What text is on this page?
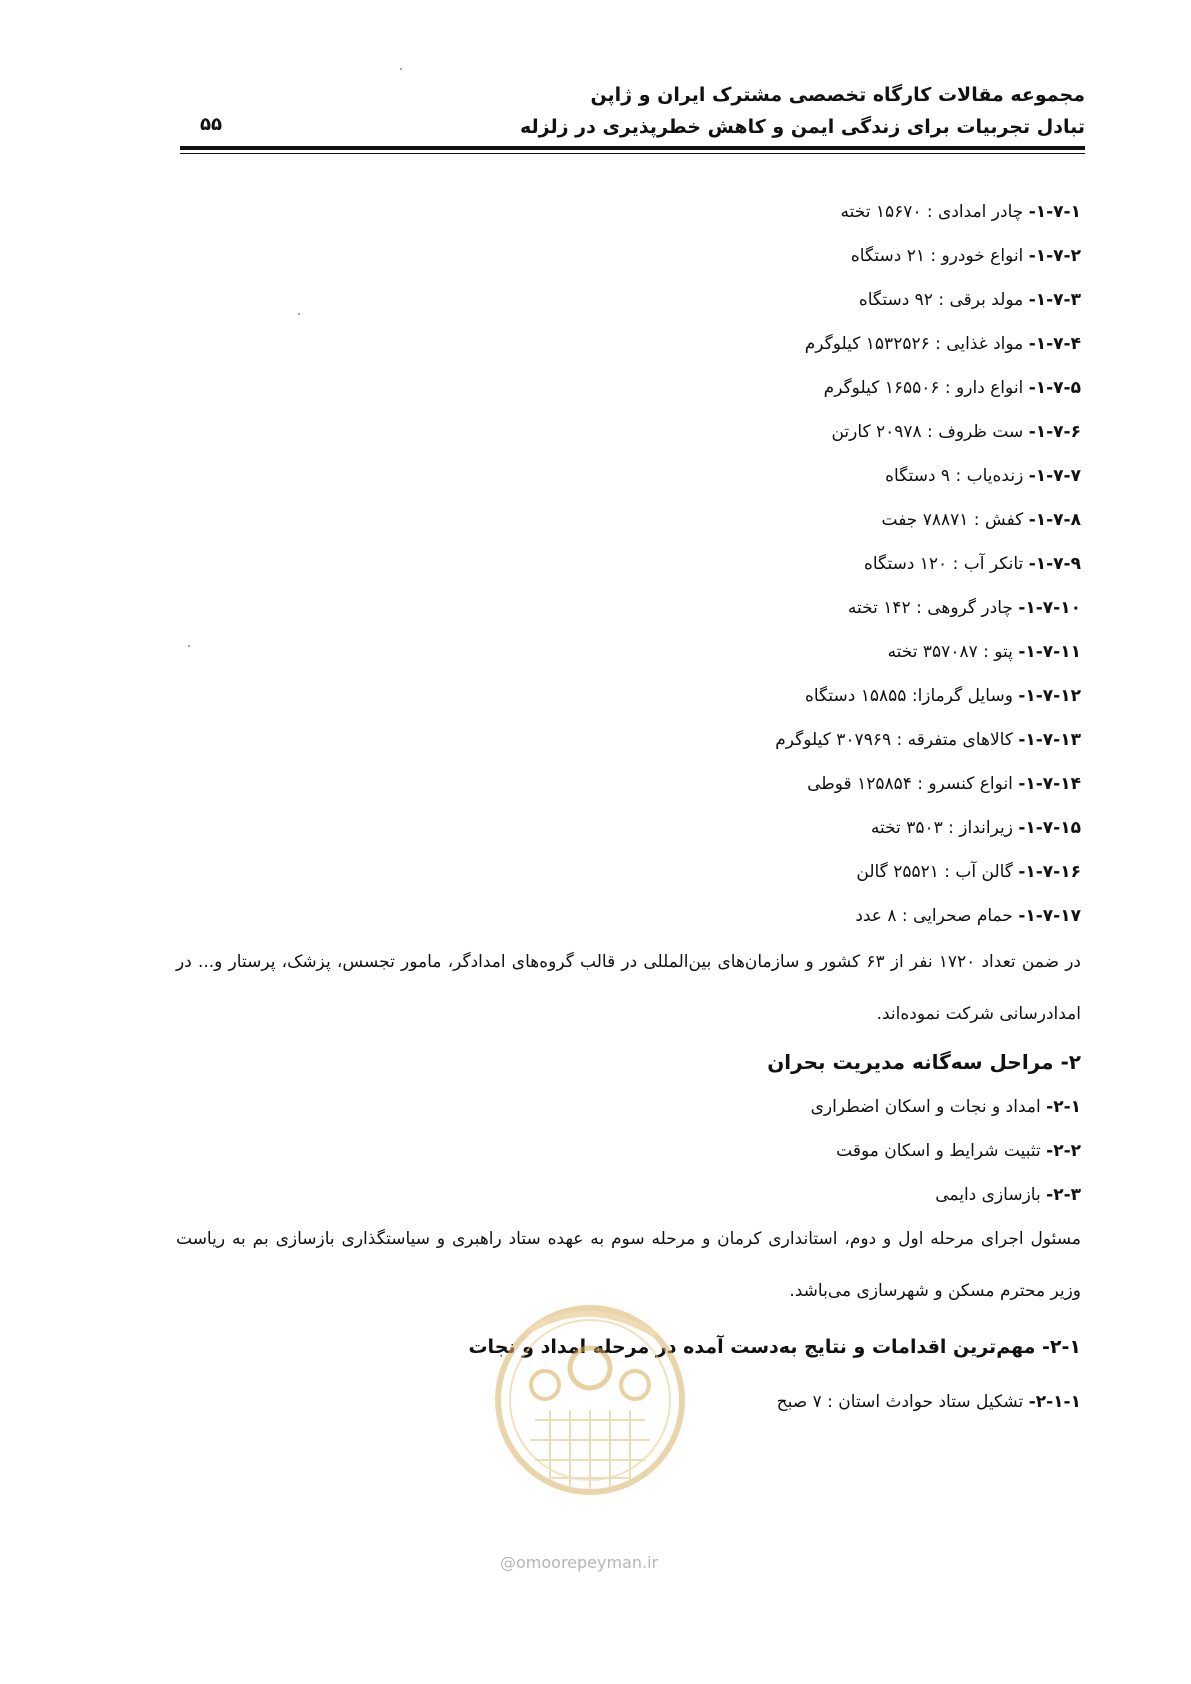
مجموعه مقالات کارگاه تخصصی مشترک ایران و ژاپن
تبادل تجربیات برای زندگی ایمن و کاهش خطرپذیری در زلزله
۵۵
۱-۷-۱- چادر امدادی : ۱۵۶۷۰ تخته
۱-۷-۲- انواع خودرو : ۲۱ دستگاه
۱-۷-۳- مولد برقی : ۹۲ دستگاه
۱-۷-۴- مواد غذایی : ۱۵۳۲۵۲۶ کیلوگرم
۱-۷-۵- انواع دارو : ۱۶۵۵۰۶ کیلوگرم
۱-۷-۶- ست ظروف : ۲۰۹۷۸ کارتن
۱-۷-۷- زنده‌یاب : ۹ دستگاه
۱-۷-۸- کفش : ۷۸۸۷۱ جفت
۱-۷-۹- تانکر آب : ۱۲۰ دستگاه
۱-۷-۱۰- چادر گروهی : ۱۴۲ تخته
۱-۷-۱۱- پتو : ۳۵۷۰۸۷ تخته
۱-۷-۱۲- وسایل گرمازا: ۱۵۸۵۵ دستگاه
۱-۷-۱۳- کالاهای متفرقه : ۳۰۷۹۶۹ کیلوگرم
۱-۷-۱۴- انواع کنسرو : ۱۲۵۸۵۴ قوطی
۱-۷-۱۵- زیرانداز : ۳۵۰۳ تخته
۱-۷-۱۶- گالن آب : ۲۵۵۲۱ گالن
۱-۷-۱۷- حمام صحرایی : ۸ عدد
در ضمن تعداد ۱۷۲۰ نفر از ۶۳ کشور و سازمان‌های بین‌المللی در قالب گروه‌های امدادگر، مامور تجسس، پزشک، پرستار و... در امدادرسانی شرکت نموده‌اند.
۲- مراحل سه‌گانه مدیریت بحران
۲-۱- امداد و نجات و اسکان اضطراری
۲-۲- تثبیت شرایط و اسکان موقت
۲-۳- بازسازی دایمی
مسئول اجرای مرحله اول و دوم، استانداری کرمان و مرحله سوم به عهده ستاد راهبری و سیاستگذاری بازسازی بم به ریاست وزیر محترم مسکن و شهرسازی می‌باشد.
۲-۱- مهم‌ترین اقدامات و نتایج به‌دست آمده در مرحله امداد و نجات
۲-۱-۱- تشکیل ستاد حوادث استان : ۷ صبح
@omoorepeyman.ir
